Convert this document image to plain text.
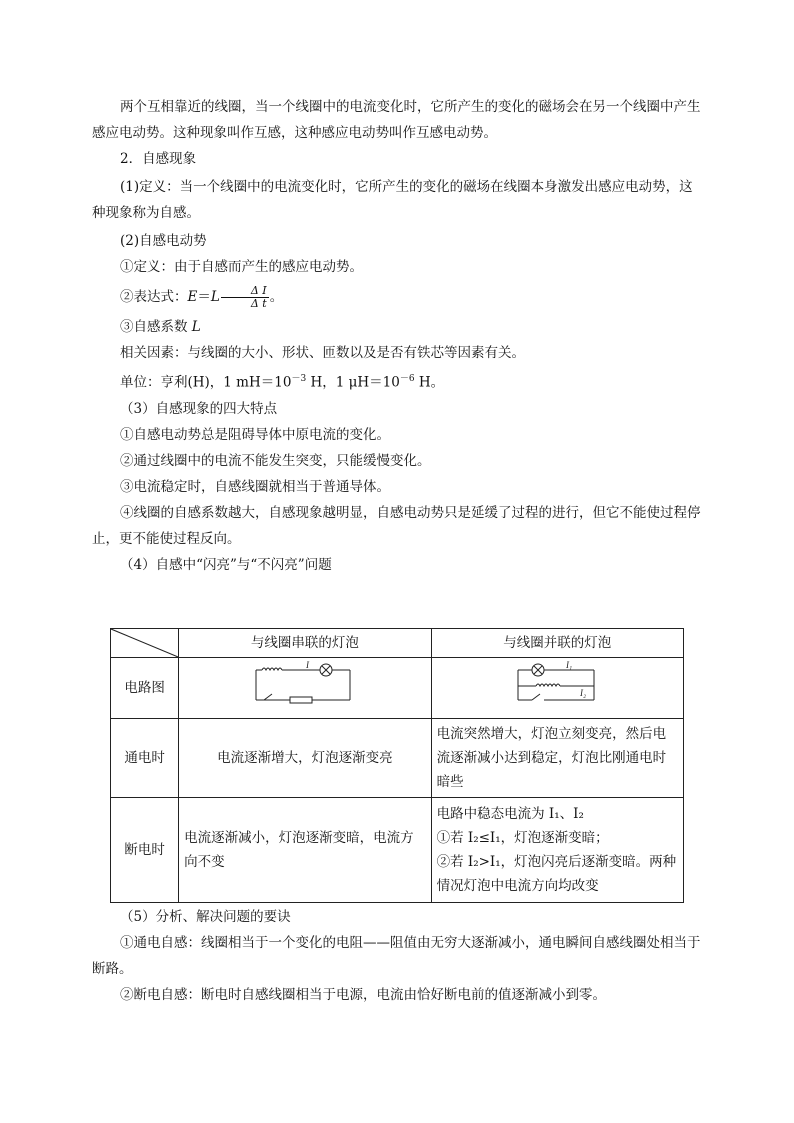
两个互相靠近的线圈，当一个线圈中的电流变化时，它所产生的变化的磁场会在另一个线圈中产生感应电动势。这种现象叫作互感，这种感应电动势叫作互感电动势。

2．自感现象

(1)定义：当一个线圈中的电流变化时，它所产生的变化的磁场在线圈本身激发出感应电动势，这种现象称为自感。

(2)自感电动势

①定义：由于自感而产生的感应电动势。

②表达式：$E=L \frac{\text{Δ I}}{\text{Δ t}}$ 。

③自感系数 L

相关因素：与线圈的大小、形状、匝数以及是否有铁芯等因素有关。

单位：亨利(H)，1 $mH=10^{-3}$ H，1 $\mu H=10^{-6}$ H。

（3）自感现象的四大特点

①自感电动势总是阻碍导体中原电流的变化。

②通过线圈中的电流不能发生突变，只能缓慢变化。

③电流稳定时，自感线圈就相当于普通导体。

④线圈的自感系数越大，自感现象越明显，自感电动势只是延缓了过程的进行，但它不能使过程停止，更不能使过程反向。

（4）自感中“闪亮”与“不闪亮”问题

	与线圈串联的灯泡	与线圈并联的灯泡
电路图	I	I₁
I₂

通电时	电流逐渐增大，灯泡逐渐变亮	电流突然增大，灯泡立刻变亮，然后电流逐渐减小达到稳定，灯泡比刚通电时暗些
断电时	电流逐渐减小，灯泡逐渐变暗，电流方向不变	电路中稳态电流为 I₁、I₂
①若 I₂≤I₁，灯泡逐渐变暗；
②若 I₂>I₁，灯泡闪亮后逐渐变暗。两种情况灯泡中电流方向均改变

（5）分析、解决问题的要诀

①通电自感：线圈相当于一个变化的电阻——阻值由无穷大逐渐减小，通电瞬间自感线圈处相当于断路。

②断电自感：断电时自感线圈相当于电源，电流由恰好断电前的值逐渐减小到零。
